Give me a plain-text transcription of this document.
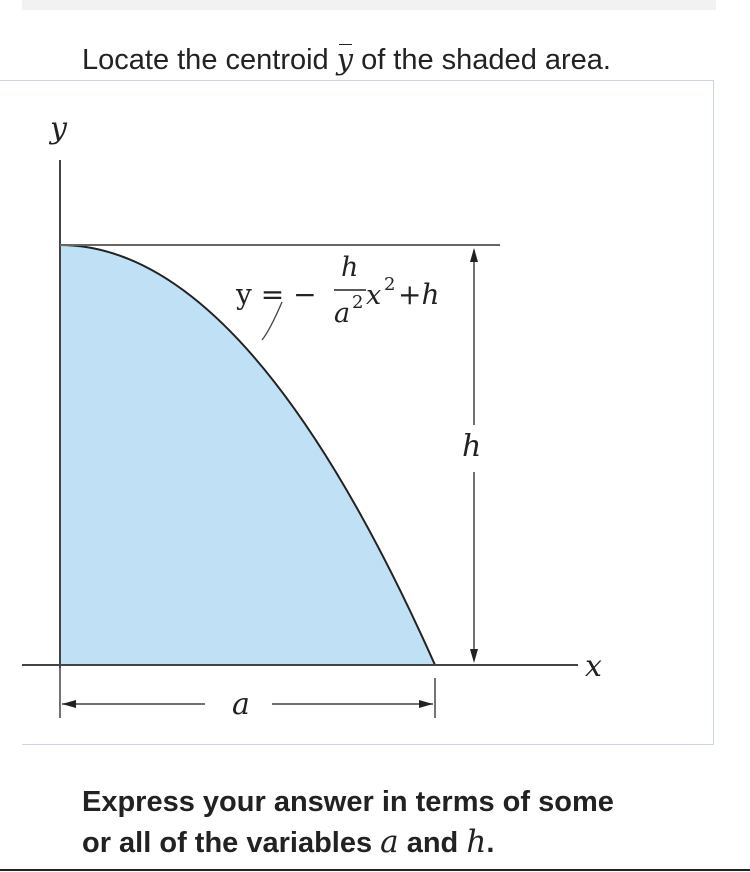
Locate the centroid y of the shaded area.
y
x
h
a
y = −
h
a 2 x 2 +h
Express your answer in terms of some
or all of the variables a and h.
